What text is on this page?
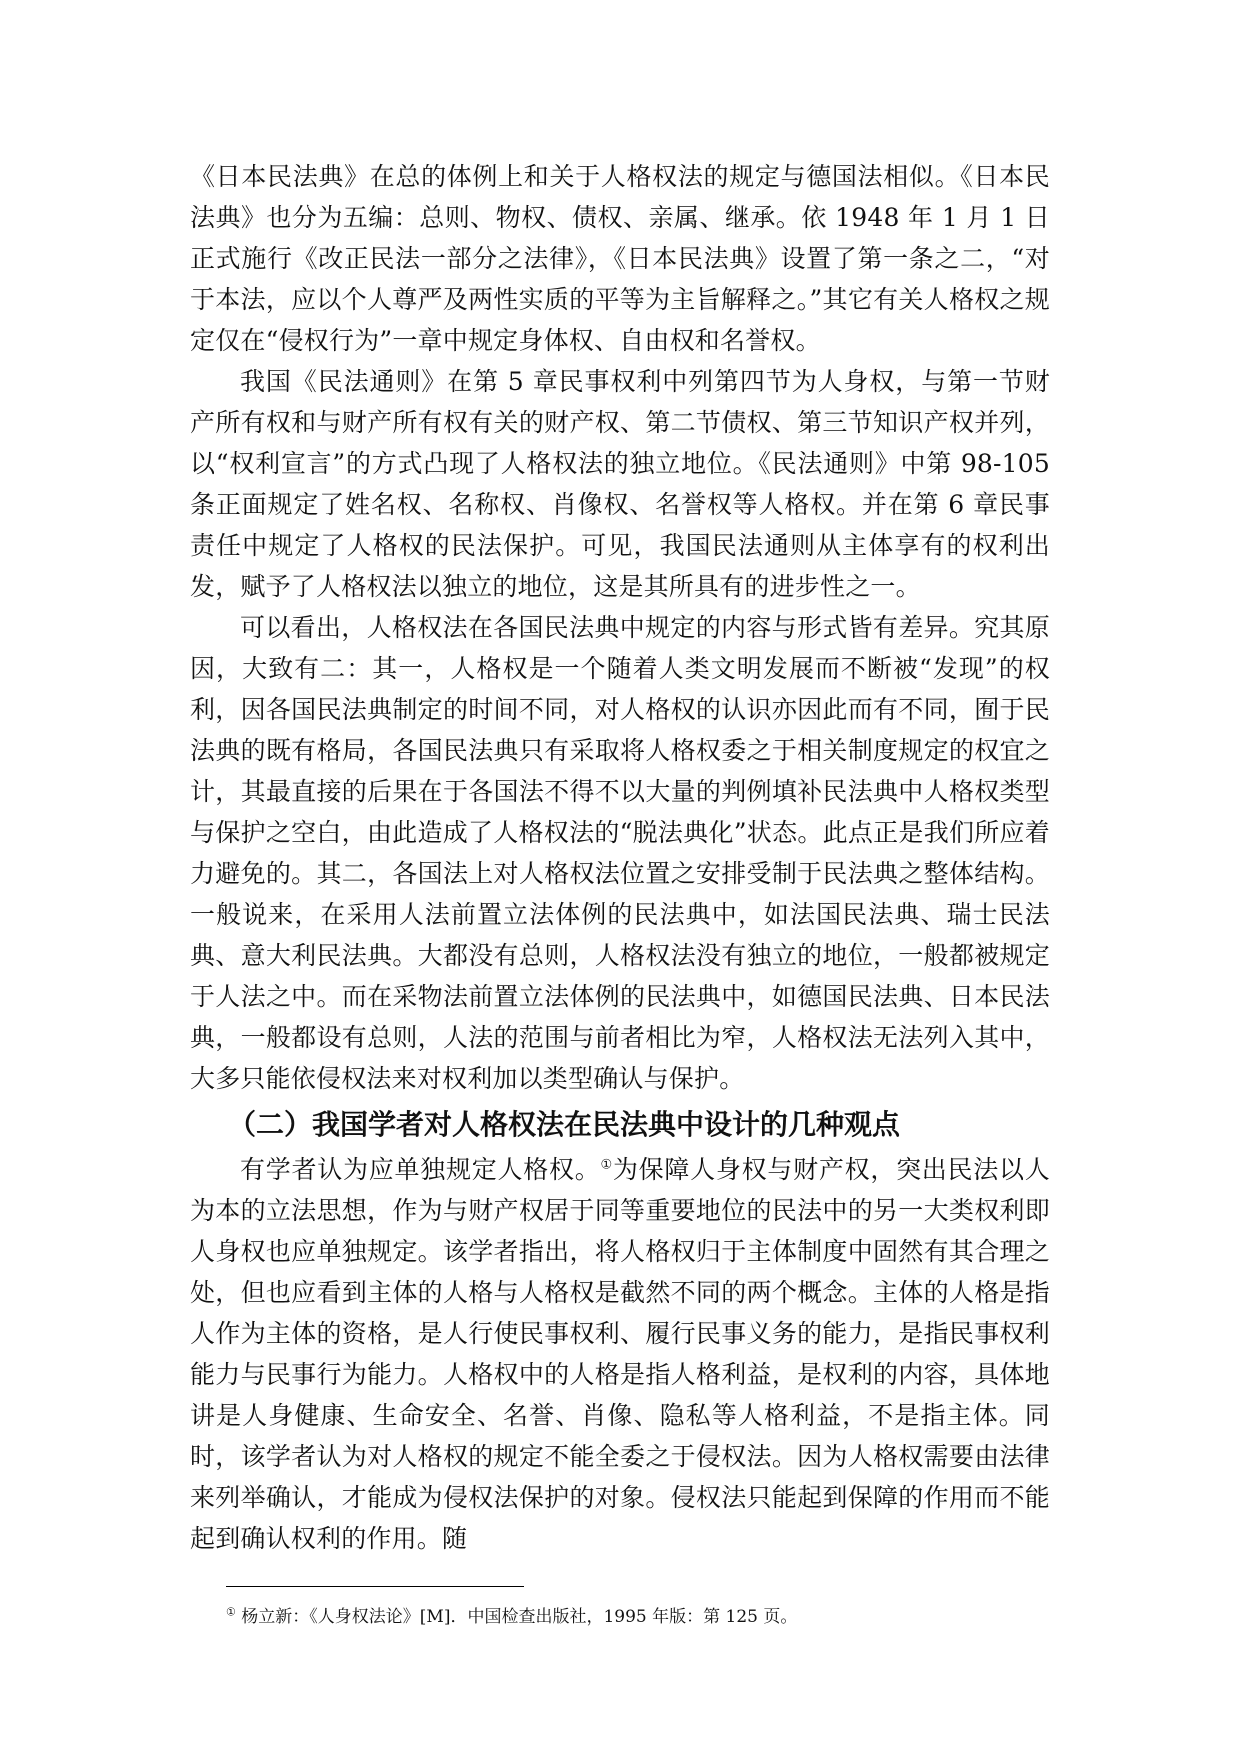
《日本民法典》在总的体例上和关于人格权法的规定与德国法相似。《日本民法典》也分为五编：总则、物权、债权、亲属、继承。依 1948 年 1 月 1 日正式施行《改正民法一部分之法律》，《日本民法典》设置了第一条之二，“对于本法，应以个人尊严及两性实质的平等为主旨解释之。”其它有关人格权之规定仅在“侵权行为”一章中规定身体权、自由权和名誉权。

我国《民法通则》在第 5 章民事权利中列第四节为人身权，与第一节财产所有权和与财产所有权有关的财产权、第二节债权、第三节知识产权并列，以“权利宣言”的方式凸现了人格权法的独立地位。《民法通则》中第 98-105 条正面规定了姓名权、名称权、肖像权、名誉权等人格权。并在第 6 章民事责任中规定了人格权的民法保护。可见，我国民法通则从主体享有的权利出发，赋予了人格权法以独立的地位，这是其所具有的进步性之一。

可以看出，人格权法在各国民法典中规定的内容与形式皆有差异。究其原因，大致有二：其一，人格权是一个随着人类文明发展而不断被“发现”的权利，因各国民法典制定的时间不同，对人格权的认识亦因此而有不同，囿于民法典的既有格局，各国民法典只有采取将人格权委之于相关制度规定的权宜之计，其最直接的后果在于各国法不得不以大量的判例填补民法典中人格权类型与保护之空白，由此造成了人格权法的“脱法典化”状态。此点正是我们所应着力避免的。其二，各国法上对人格权法位置之安排受制于民法典之整体结构。一般说来，在采用人法前置立法体例的民法典中，如法国民法典、瑞士民法典、意大利民法典。大都没有总则，人格权法没有独立的地位，一般都被规定于人法之中。而在采物法前置立法体例的民法典中，如德国民法典、日本民法典，一般都设有总则，人法的范围与前者相比为窄，人格权法无法列入其中，大多只能依侵权法来对权利加以类型确认与保护。

（二）我国学者对人格权法在民法典中设计的几种观点

有学者认为应单独规定人格权。①为保障人身权与财产权，突出民法以人为本的立法思想，作为与财产权居于同等重要地位的民法中的另一大类权利即人身权也应单独规定。该学者指出，将人格权归于主体制度中固然有其合理之处，但也应看到主体的人格与人格权是截然不同的两个概念。主体的人格是指人作为主体的资格，是人行使民事权利、履行民事义务的能力，是指民事权利能力与民事行为能力。人格权中的人格是指人格利益，是权利的内容，具体地讲是人身健康、生命安全、名誉、肖像、隐私等人格利益，不是指主体。同时，该学者认为对人格权的规定不能全委之于侵权法。因为人格权需要由法律来列举确认，才能成为侵权法保护的对象。侵权法只能起到保障的作用而不能起到确认权利的作用。随

① 杨立新：《人身权法论》[M]．中国检查出版社，1995 年版：第 125 页。
